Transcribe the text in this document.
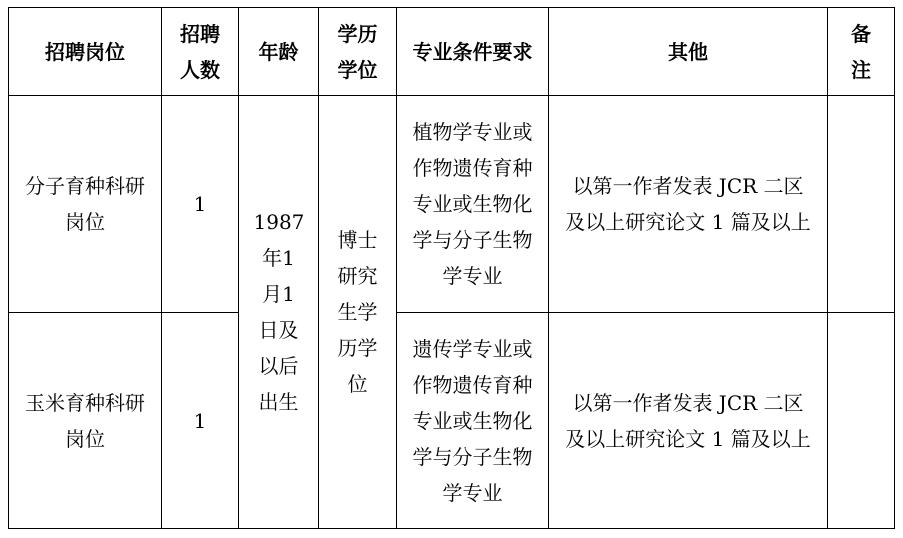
招聘岗位	招聘人数	年龄	学历学位	专业条件要求	其他	备注

分子育种科研岗位	1	1987年1月1日及以后出生	博士研究生学历学位	植物学专业或作物遗传育种专业或生物化学与分子生物学专业	以第一作者发表 JCR 二区及以上研究论文 1 篇及以上	

玉米育种科研岗位	1			遗传学专业或作物遗传育种专业或生物化学与分子生物学专业	以第一作者发表 JCR 二区及以上研究论文 1 篇及以上	
